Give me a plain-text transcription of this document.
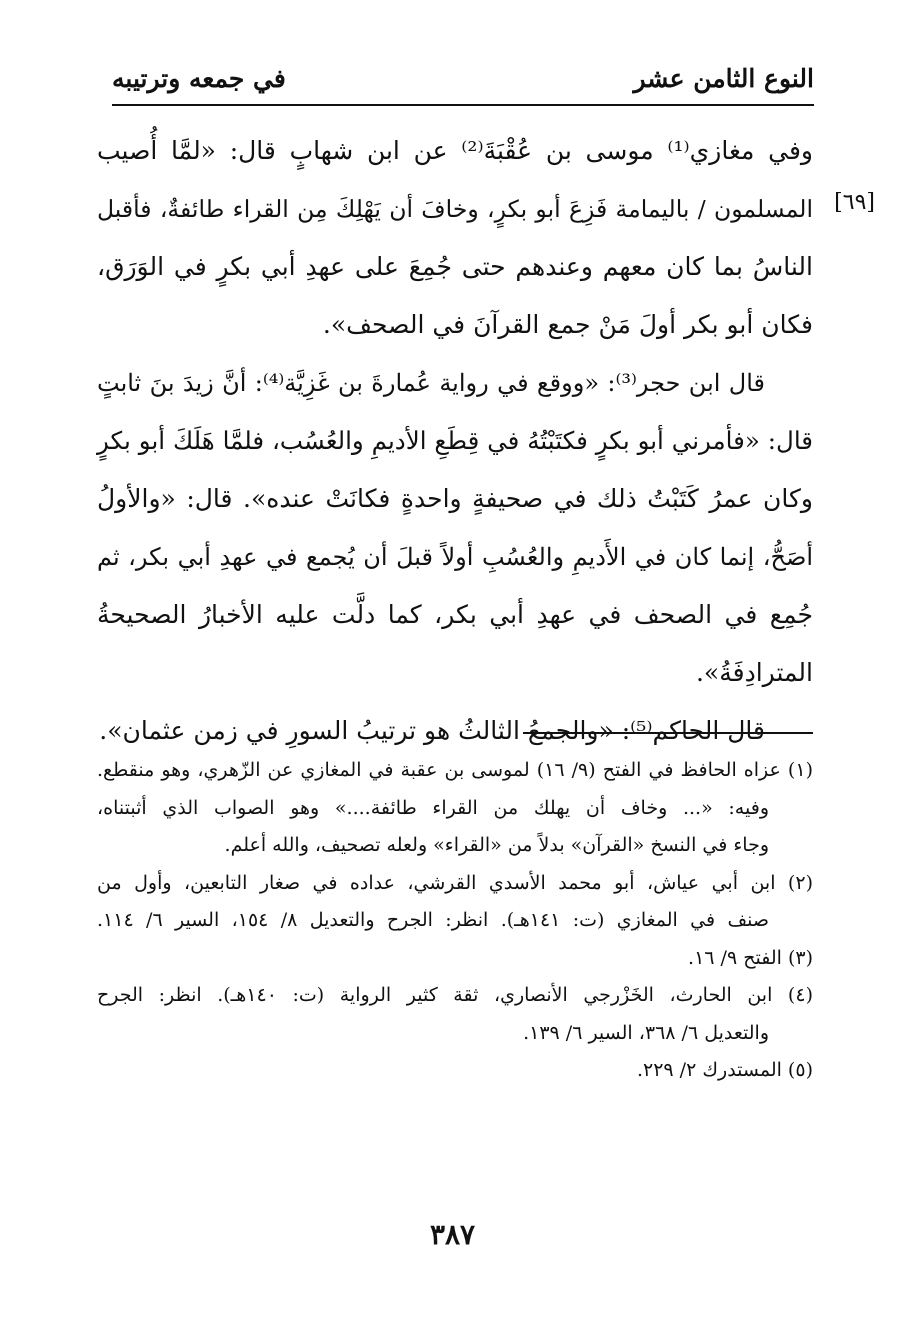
النوع الثامن عشر
في جمعه وترتيبه
[٦٩]
وفي مغازي⁽¹⁾ موسى بن عُقْبَةَ⁽²⁾ عن ابن شهابٍ قال: «لمَّا أُصيب
المسلمون / باليمامة فَزِعَ أبو بكرٍ، وخافَ أن يَهْلِكَ مِن القراء طائفةٌ، فأقبل
الناسُ بما كان معهم وعندهم حتى جُمِعَ على عهدِ أبي بكرٍ في الوَرَق،
فكان أبو بكر أولَ مَنْ جمع القرآنَ في الصحف».
قال ابن حجر⁽³⁾: «ووقع في رواية عُمارةَ بن غَزِيَّة⁽⁴⁾: أنَّ زيدَ بنَ ثابتٍ
قال: «فأمرني أبو بكرٍ فكتَبْتُهُ في قِطَعِ الأديمِ والعُسُب، فلمَّا هَلَكَ أبو بكرٍ
وكان عمرُ كَتَبْتُ ذلك في صحيفةٍ واحدةٍ فكانَتْ عنده». قال: «والأولُ
أصَحُّ، إنما كان في الأَديمِ والعُسُبِ أولاً قبلَ أن يُجمع في عهدِ أبي بكر، ثم
جُمِع في الصحف في عهدِ أبي بكر، كما دلَّت عليه الأخبارُ الصحيحةُ
المترادِفَةُ».
قال الحاكم⁽⁵⁾: «والجمعُ الثالثُ هو ترتيبُ السورِ في زمن عثمان».
(١) عزاه الحافظ في الفتح (٩/ ١٦) لموسى بن عقبة في المغازي عن الزّهري، وهو منقطع.
وفيه: «... وخاف أن يهلك من القراء طائفة....» وهو الصواب الذي أثبتناه،
وجاء في النسخ «القرآن» بدلاً من «القراء» ولعله تصحيف، والله أعلم.
(٢) ابن أبي عياش، أبو محمد الأسدي القرشي، عداده في صغار التابعين، وأول من
صنف في المغازي (ت: ١٤١هـ). انظر: الجرح والتعديل ٨/ ١٥٤، السير ٦/ ١١٤.
(٣) الفتح ٩/ ١٦.
(٤) ابن الحارث، الخَزْرجي الأنصاري، ثقة كثير الرواية (ت: ١٤٠هـ). انظر: الجرح
والتعديل ٦/ ٣٦٨، السير ٦/ ١٣٩.
(٥) المستدرك ٢/ ٢٢٩.
٣٨٧
